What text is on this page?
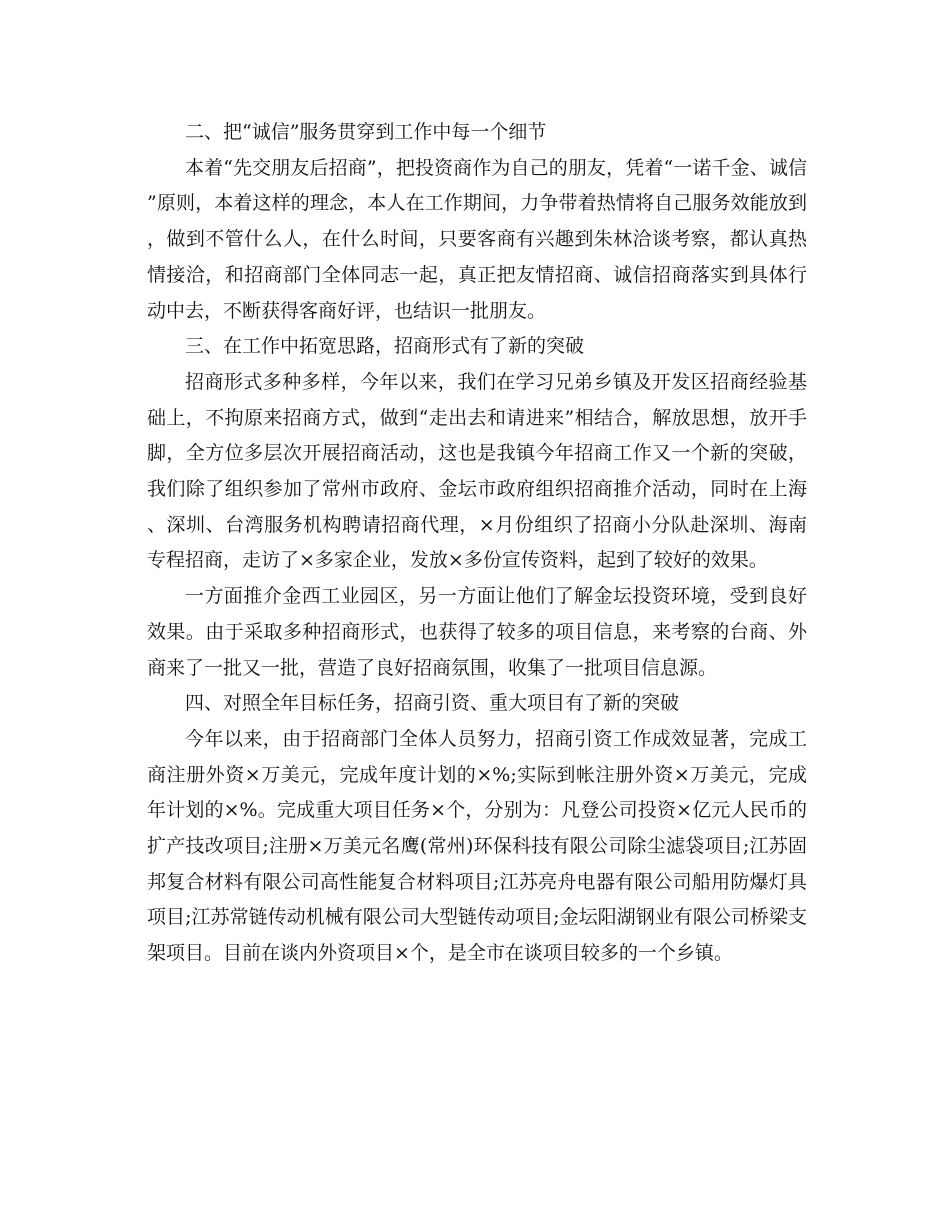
二、把“诚信”服务贯穿到工作中每一个细节

本着“先交朋友后招商”，把投资商作为自己的朋友，凭着“一诺千金、诚信”原则，本着这样的理念，本人在工作期间，力争带着热情将自己服务效能放到，做到不管什么人，在什么时间，只要客商有兴趣到朱林洽谈考察，都认真热情接洽，和招商部门全体同志一起，真正把友情招商、诚信招商落实到具体行动中去，不断获得客商好评，也结识一批朋友。

三、在工作中拓宽思路，招商形式有了新的突破

招商形式多种多样，今年以来，我们在学习兄弟乡镇及开发区招商经验基础上，不拘原来招商方式，做到“走出去和请进来”相结合，解放思想，放开手脚，全方位多层次开展招商活动，这也是我镇今年招商工作又一个新的突破，我们除了组织参加了常州市政府、金坛市政府组织招商推介活动，同时在上海、深圳、台湾服务机构聘请招商代理，×月份组织了招商小分队赴深圳、海南专程招商，走访了×多家企业，发放×多份宣传资料，起到了较好的效果。

一方面推介金西工业园区，另一方面让他们了解金坛投资环境，受到良好效果。由于采取多种招商形式，也获得了较多的项目信息，来考察的台商、外商来了一批又一批，营造了良好招商氛围，收集了一批项目信息源。

四、对照全年目标任务，招商引资、重大项目有了新的突破

今年以来，由于招商部门全体人员努力，招商引资工作成效显著，完成工商注册外资×万美元，完成年度计划的×%;实际到帐注册外资×万美元，完成年计划的×%。完成重大项目任务×个，分别为：凡登公司投资×亿元人民币的扩产技改项目;注册×万美元名鹰(常州)环保科技有限公司除尘滤袋项目;江苏固邦复合材料有限公司高性能复合材料项目;江苏亮舟电器有限公司船用防爆灯具项目;江苏常链传动机械有限公司大型链传动项目;金坛阳湖钢业有限公司桥梁支架项目。目前在谈内外资项目×个，是全市在谈项目较多的一个乡镇。
